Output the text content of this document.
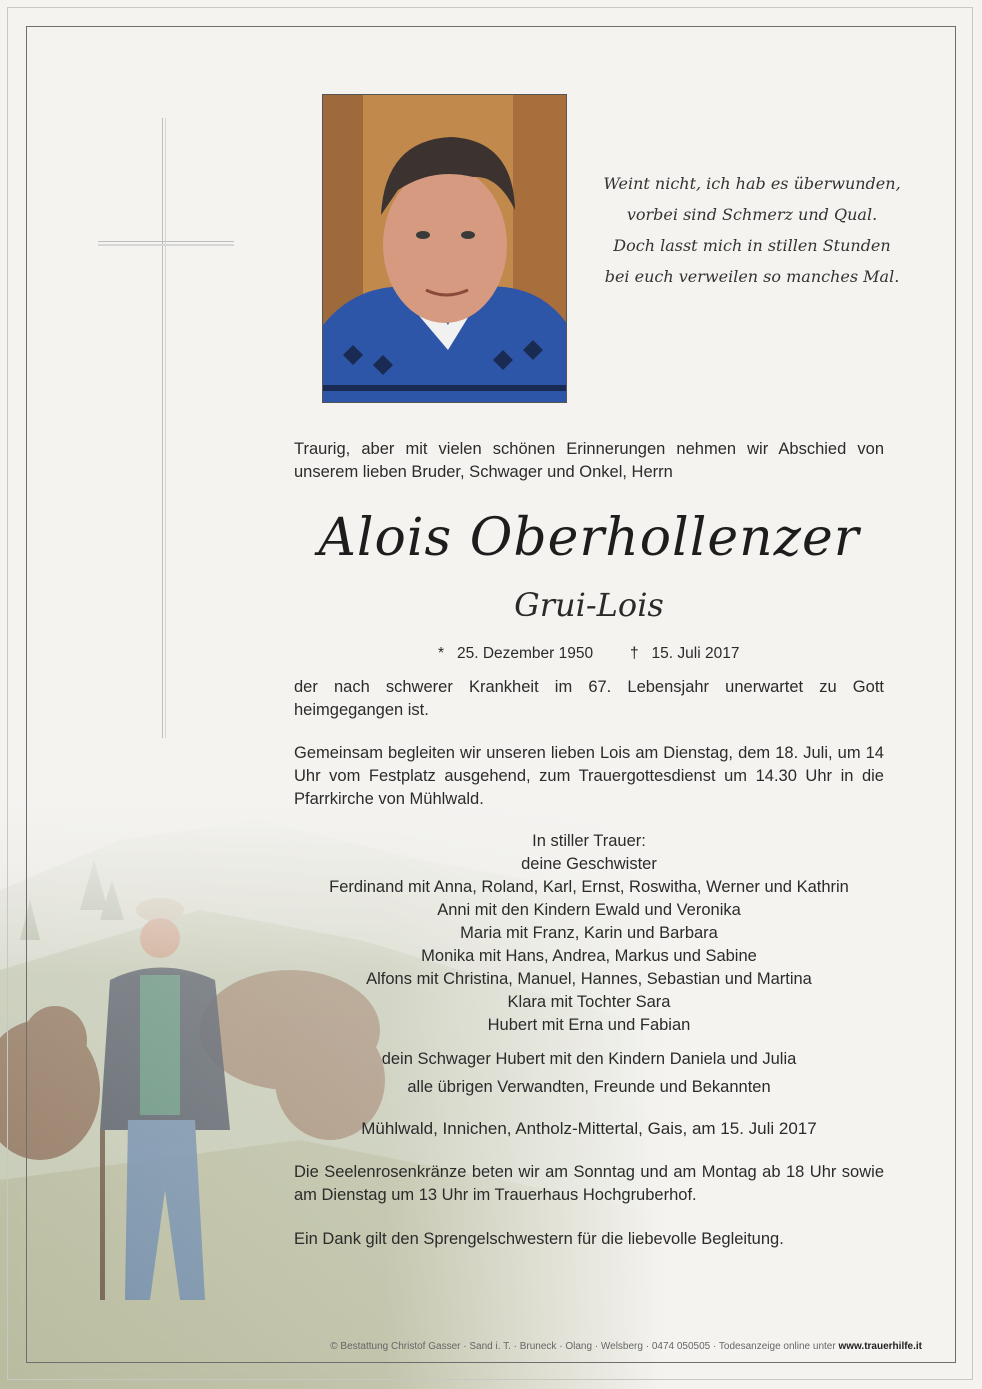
Weint nicht, ich hab es überwunden,
vorbei sind Schmerz und Qual.
Doch lasst mich in stillen Stunden
bei euch verweilen so manches Mal.
Traurig, aber mit vielen schönen Erinnerungen nehmen wir Abschied von unserem lieben Bruder, Schwager und Onkel, Herrn
Alois Oberhollenzer
Grui-Lois
* 25. Dezember 1950 † 15. Juli 2017
der nach schwerer Krankheit im 67. Lebensjahr unerwartet zu Gott heimgegangen ist.
Gemeinsam begleiten wir unseren lieben Lois am Dienstag, dem 18. Juli, um 14 Uhr vom Festplatz ausgehend, zum Trauergottesdienst um 14.30 Uhr in die Pfarrkirche von Mühlwald.
In stiller Trauer:
deine Geschwister
Ferdinand mit Anna, Roland, Karl, Ernst, Roswitha, Werner und Kathrin
Anni mit den Kindern Ewald und Veronika
Maria mit Franz, Karin und Barbara
Monika mit Hans, Andrea, Markus und Sabine
Alfons mit Christina, Manuel, Hannes, Sebastian und Martina
Klara mit Tochter Sara
Hubert mit Erna und Fabian
dein Schwager Hubert mit den Kindern Daniela und Julia
alle übrigen Verwandten, Freunde und Bekannten
Mühlwald, Innichen, Antholz-Mittertal, Gais, am 15. Juli 2017
Die Seelenrosenkränze beten wir am Sonntag und am Montag ab 18 Uhr sowie am Dienstag um 13 Uhr im Trauerhaus Hochgruberhof.
Ein Dank gilt den Sprengelschwestern für die liebevolle Begleitung.
© Bestattung Christof Gasser · Sand i. T. · Bruneck · Olang · Welsberg · 0474 050505 · Todesanzeige online unter www.trauerhilfe.it
